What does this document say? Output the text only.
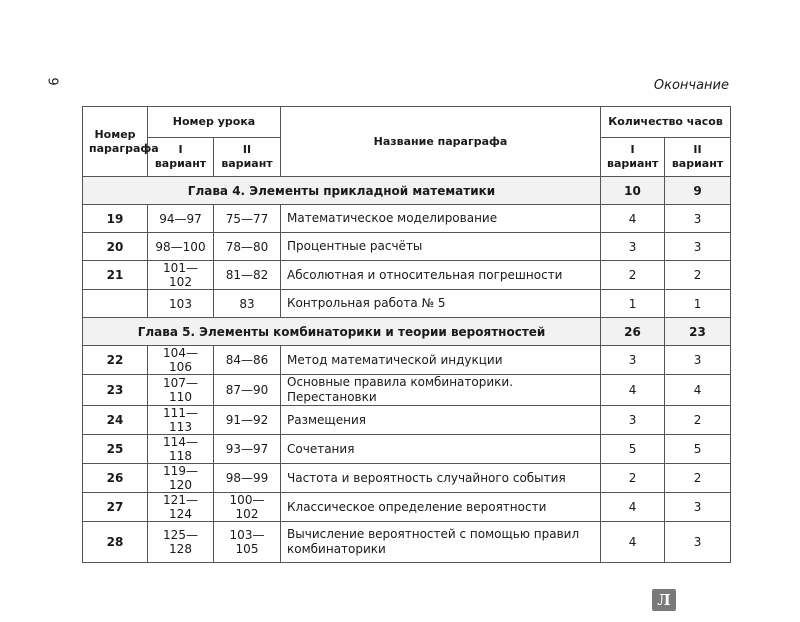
9	Окончание
Номер параграфа	Номер урока		Название параграфа	Количество часов	
	I вариант	II вариант		I вариант	II вариант
Глава 4. Элементы прикладной математики				10	9
19	94—97	75—77	Математическое моделирование	4	3
20	98—100	78—80	Процентные расчёты	3	3
21	101—102	81—82	Абсолютная и относительная погрешности	2	2
	103	83	Контрольная работа № 5	1	1
Глава 5. Элементы комбинаторики и теории вероятностей				26	23
22	104—106	84—86	Метод математической индукции	3	3
23	107—110	87—90	Основные правила комбинаторики. Перестановки	4	4
24	111—113	91—92	Размещения	3	2
25	114—118	93—97	Сочетания	5	5
26	119—120	98—99	Частота и вероятность случайного события	2	2
27	121—124	100—102	Классическое определение вероятности	4	3
28	125—128	103—105	Вычисление вероятностей с помощью правил комбинаторики	4	3
Л
